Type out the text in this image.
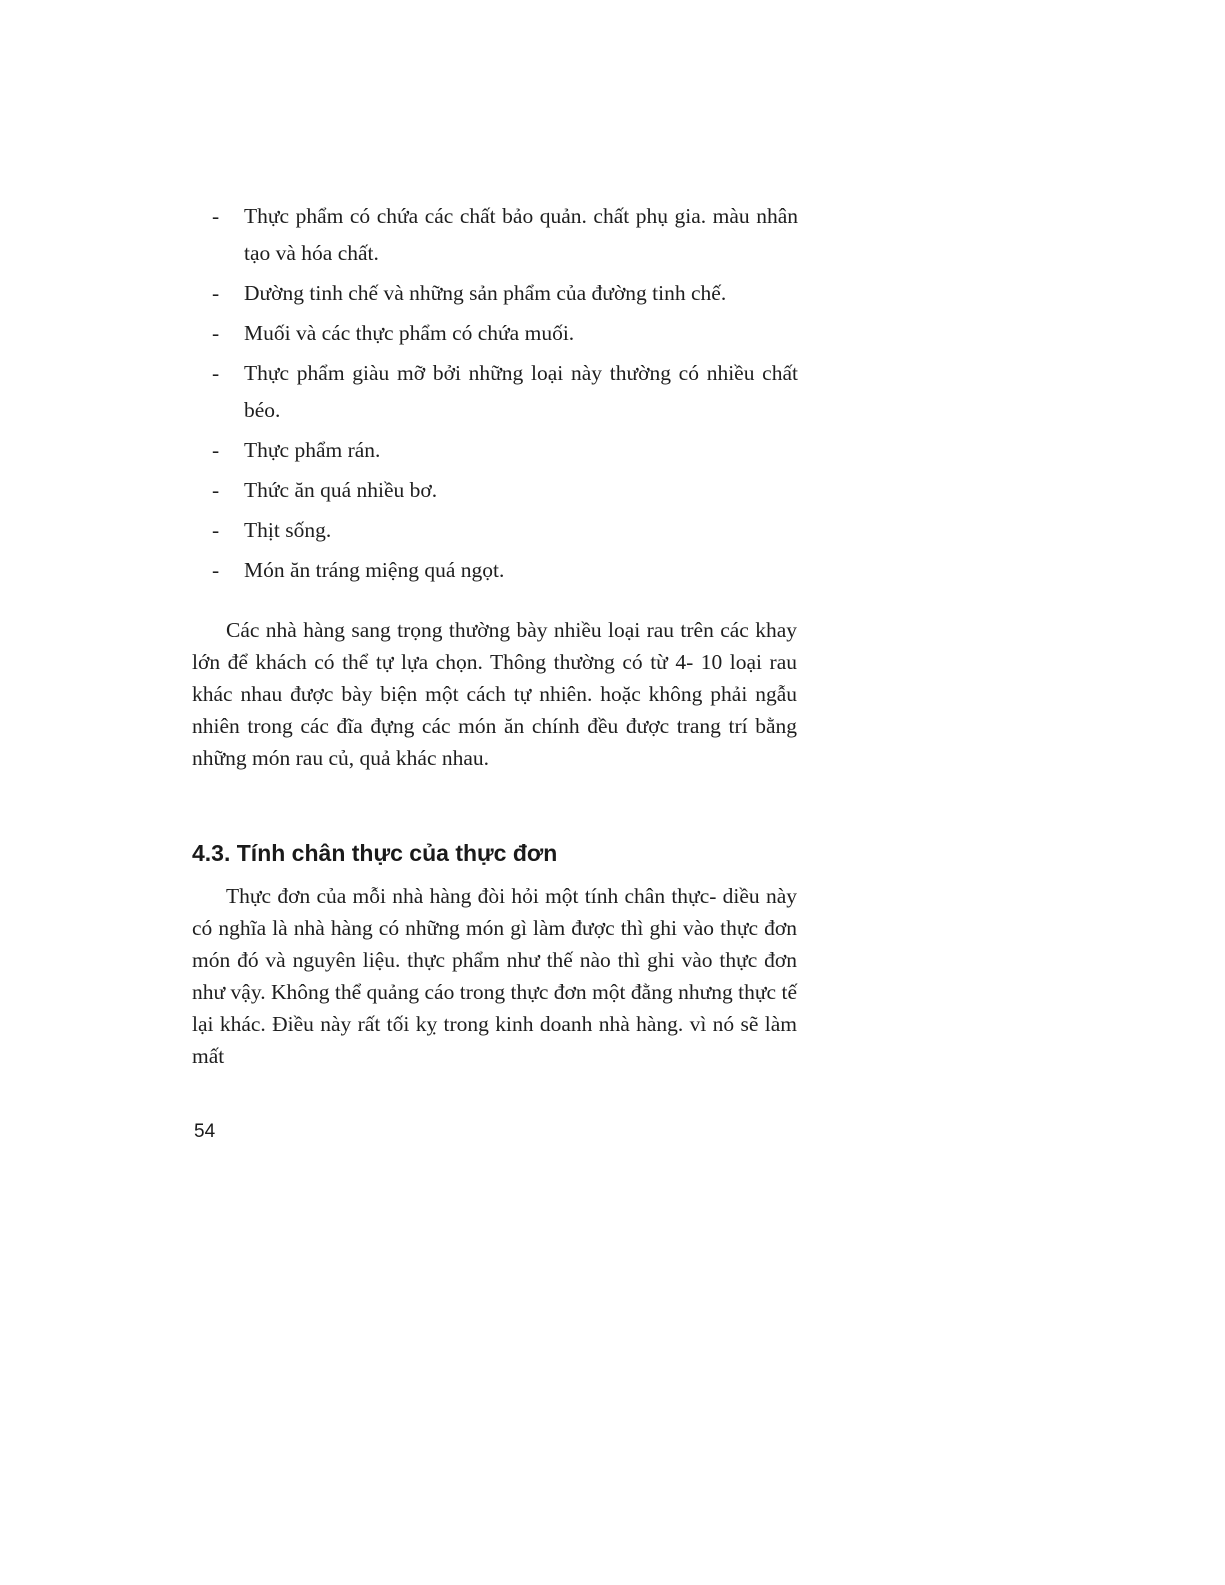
- Thực phẩm có chứa các chất bảo quản. chất phụ gia. màu nhân tạo và hóa chất.
- Dường tinh chế và những sản phẩm của đường tinh chế.
- Muối và các thực phẩm có chứa muối.
- Thực phẩm giàu mỡ bởi những loại này thường có nhiều chất béo.
- Thực phẩm rán.
- Thức ăn quá nhiều bơ.
- Thịt sống.
- Món ăn tráng miệng quá ngọt.

Các nhà hàng sang trọng thường bày nhiều loại rau trên các khay lớn để khách có thể tự lựa chọn. Thông thường có từ 4- 10 loại rau khác nhau được bày biện một cách tự nhiên. hoặc không phải ngẫu nhiên trong các đĩa đựng các món ăn chính đều được trang trí bằng những món rau củ, quả khác nhau.

4.3. Tính chân thực của thực đơn

Thực đơn của mỗi nhà hàng đòi hỏi một tính chân thực- diều này có nghĩa là nhà hàng có những món gì làm được thì ghi vào thực đơn món đó và nguyên liệu. thực phẩm như thế nào thì ghi vào thực đơn như vậy. Không thể quảng cáo trong thực đơn một đằng nhưng thực tế lại khác. Điều này rất tối kỵ trong kinh doanh nhà hàng. vì nó sẽ làm mất

54
